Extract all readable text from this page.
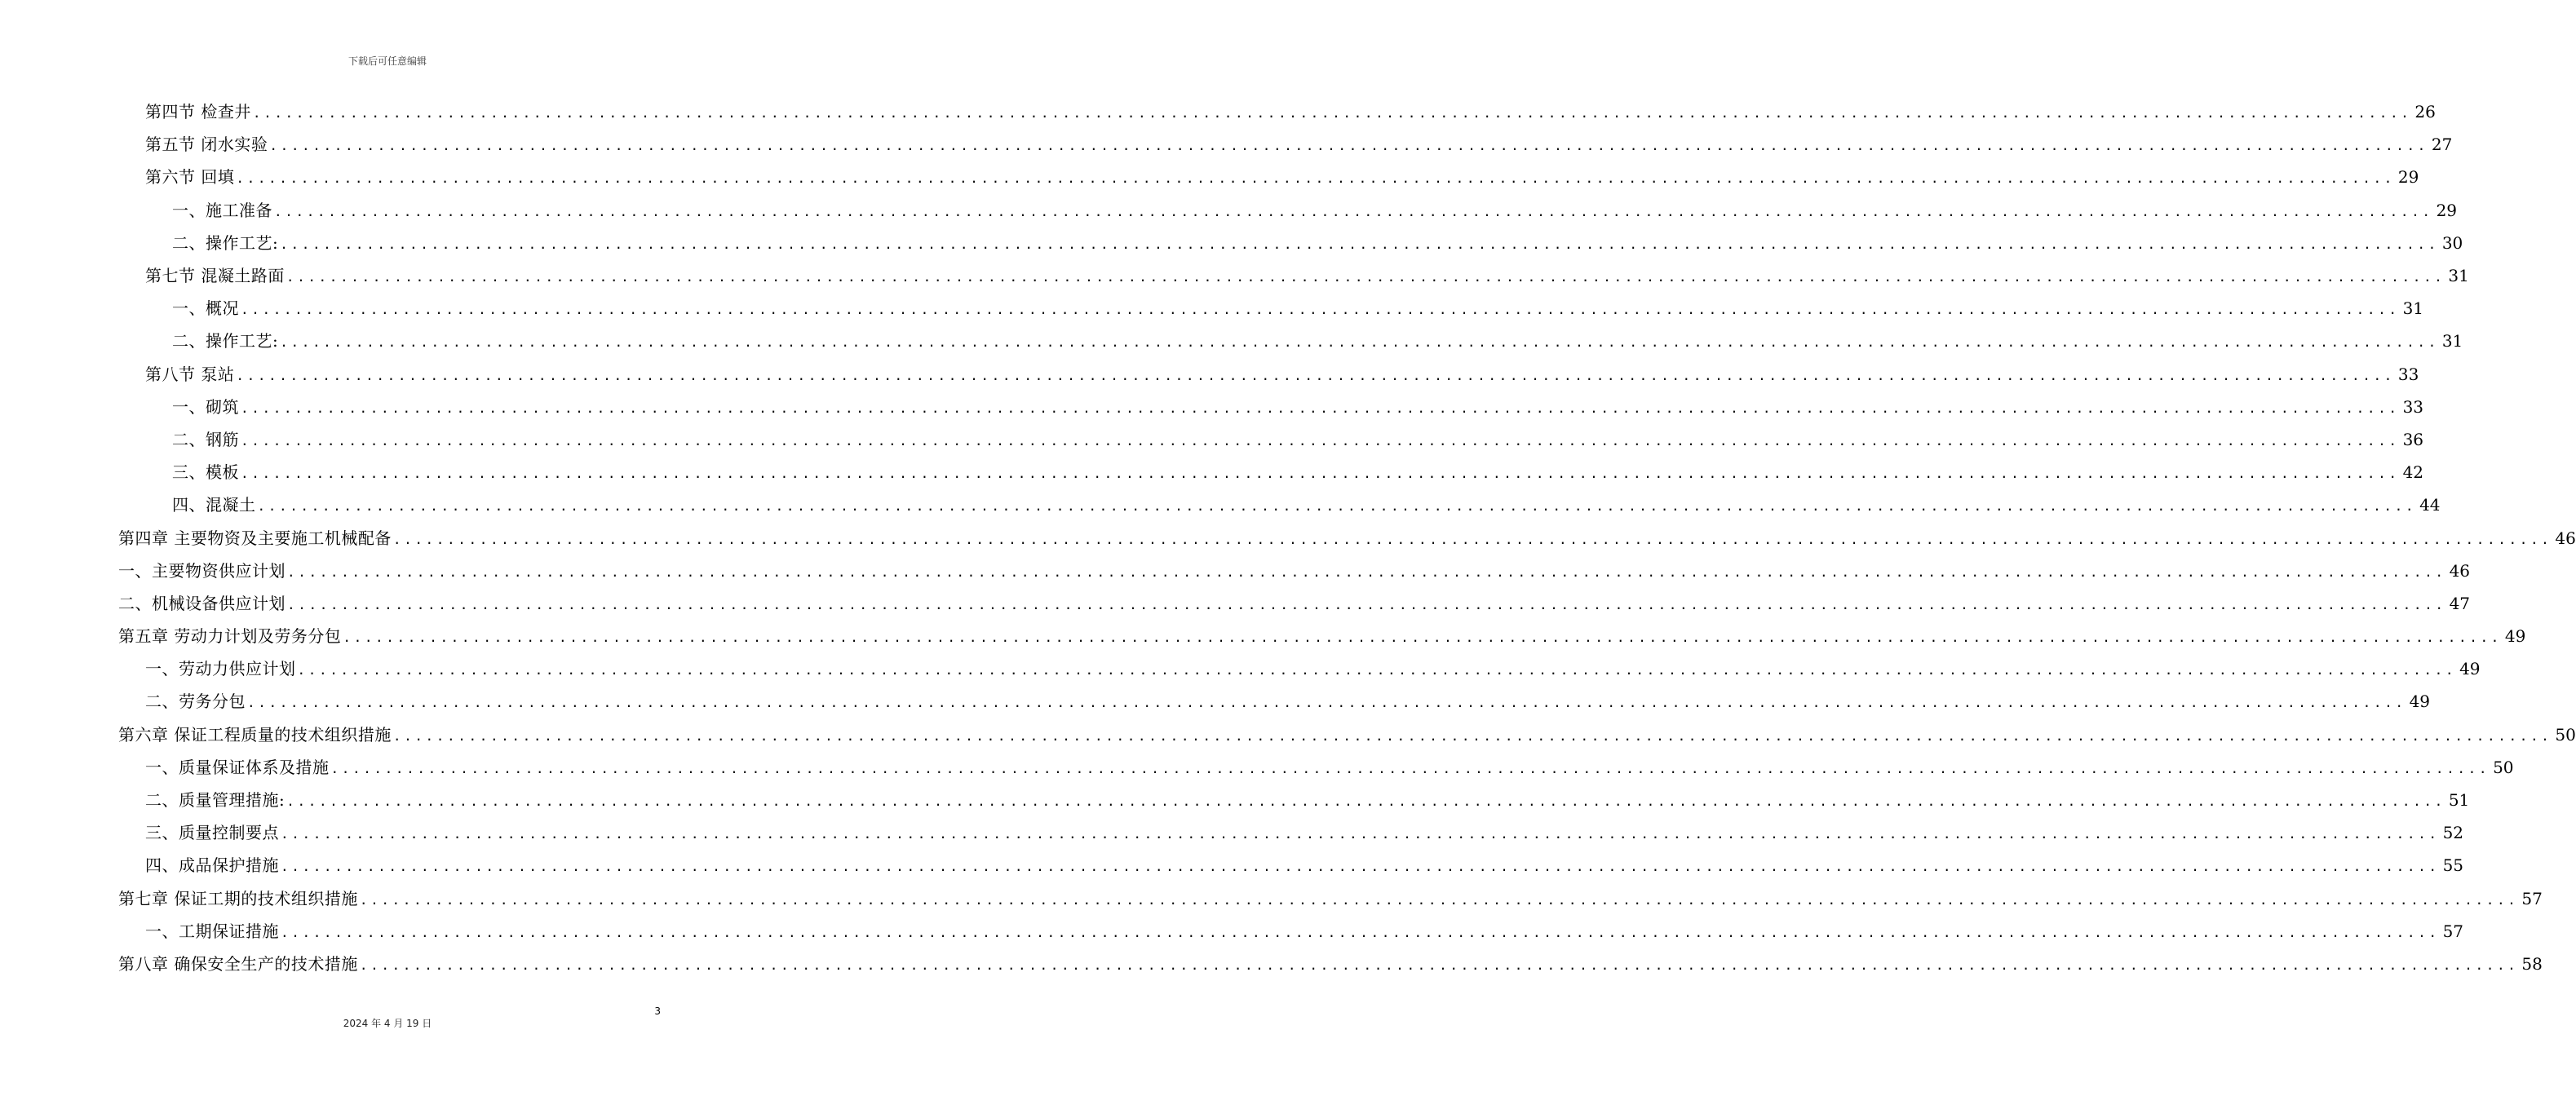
下载后可任意编辑
第四节 检查井 ........................................................................................................................................................................................................ 26
第五节 闭水实验 ........................................................................................................................................................................................................ 27
第六节 回填 ........................................................................................................................................................................................................ 29
一、施工准备 ........................................................................................................................................................................................................ 29
二、操作工艺: ........................................................................................................................................................................................................ 30
第七节 混凝土路面 ........................................................................................................................................................................................................ 31
一、概况 ........................................................................................................................................................................................................ 31
二、操作工艺: ........................................................................................................................................................................................................ 31
第八节 泵站 ........................................................................................................................................................................................................ 33
一、砌筑 ........................................................................................................................................................................................................ 33
二、钢筋 ........................................................................................................................................................................................................ 36
三、模板 ........................................................................................................................................................................................................ 42
四、混凝土 ........................................................................................................................................................................................................ 44
第四章 主要物资及主要施工机械配备 ........................................................................................................................................................................................................ 46
一、主要物资供应计划 ........................................................................................................................................................................................................ 46
二、机械设备供应计划 ........................................................................................................................................................................................................ 47
第五章 劳动力计划及劳务分包 ........................................................................................................................................................................................................ 49
一、劳动力供应计划 ........................................................................................................................................................................................................ 49
二、劳务分包 ........................................................................................................................................................................................................ 49
第六章 保证工程质量的技术组织措施 ........................................................................................................................................................................................................ 50
一、质量保证体系及措施 ........................................................................................................................................................................................................ 50
二、质量管理措施: ........................................................................................................................................................................................................ 51
三、质量控制要点 ........................................................................................................................................................................................................ 52
四、成品保护措施 ........................................................................................................................................................................................................ 55
第七章 保证工期的技术组织措施 ........................................................................................................................................................................................................ 57
一、工期保证措施 ........................................................................................................................................................................................................ 57
第八章 确保安全生产的技术措施 ........................................................................................................................................................................................................ 58
3
2024 年 4 月 19 日
